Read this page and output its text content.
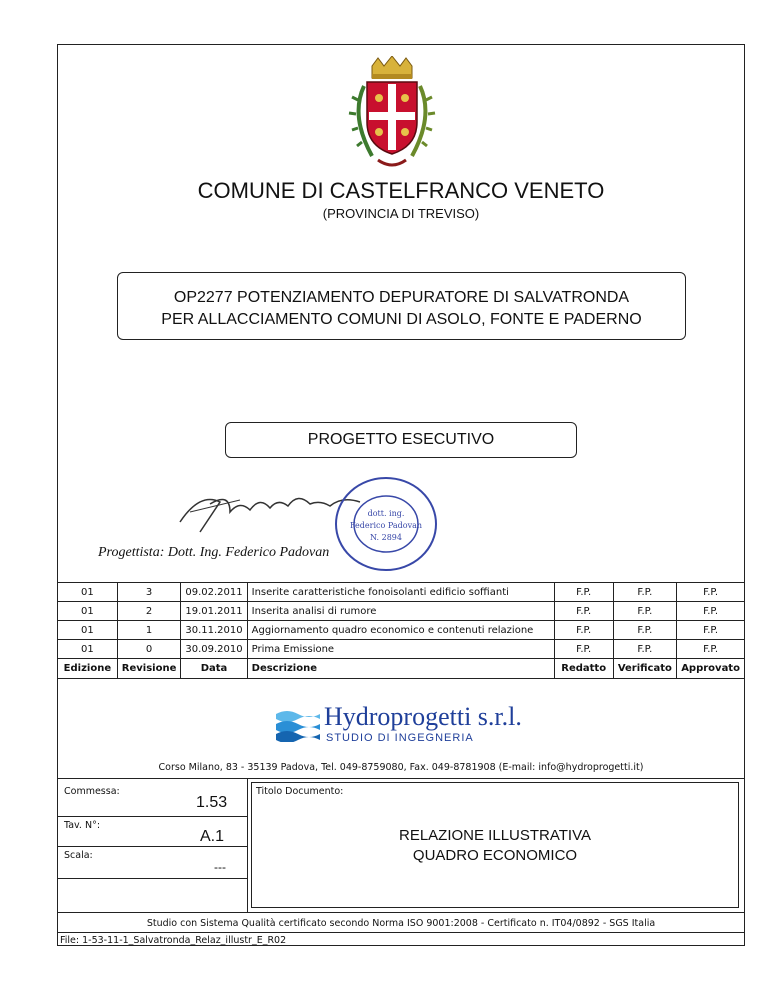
COMUNE DI CASTELFRANCO VENETO
(PROVINCIA DI TREVISO)
OP2277 POTENZIAMENTO DEPURATORE DI SALVATRONDA
PER ALLACCIAMENTO COMUNI DI ASOLO, FONTE E PADERNO
PROGETTO ESECUTIVO
dott. ing.
Federico Padovan
N. 2894
Progettista: Dott. Ing. Federico Padovan
01	3	09.02.2011	Inserite caratteristiche fonoisolanti edificio soffianti	F.P.	F.P.	F.P.
01	2	19.01.2011	Inserita analisi di rumore	F.P.	F.P.	F.P.
01	1	30.11.2010	Aggiornamento quadro economico e contenuti relazione	F.P.	F.P.	F.P.
01	0	30.09.2010	Prima Emissione	F.P.	F.P.	F.P.
Edizione	Revisione	Data	Descrizione	Redatto	Verificato	Approvato
Hydroprogetti s.r.l.
STUDIO DI INGEGNERIA
Corso Milano, 83 - 35139 Padova, Tel. 049-8759080, Fax. 049-8781908 (E-mail: info@hydroprogetti.it)
Commessa:
1.53
Tav. N°:
A.1
Scala:
---
Titolo Documento:
RELAZIONE ILLUSTRATIVA
QUADRO ECONOMICO
Studio con Sistema Qualità certificato secondo Norma ISO 9001:2008 - Certificato n. IT04/0892 - SGS Italia
File: 1-53-11-1_Salvatronda_Relaz_illustr_E_R02
